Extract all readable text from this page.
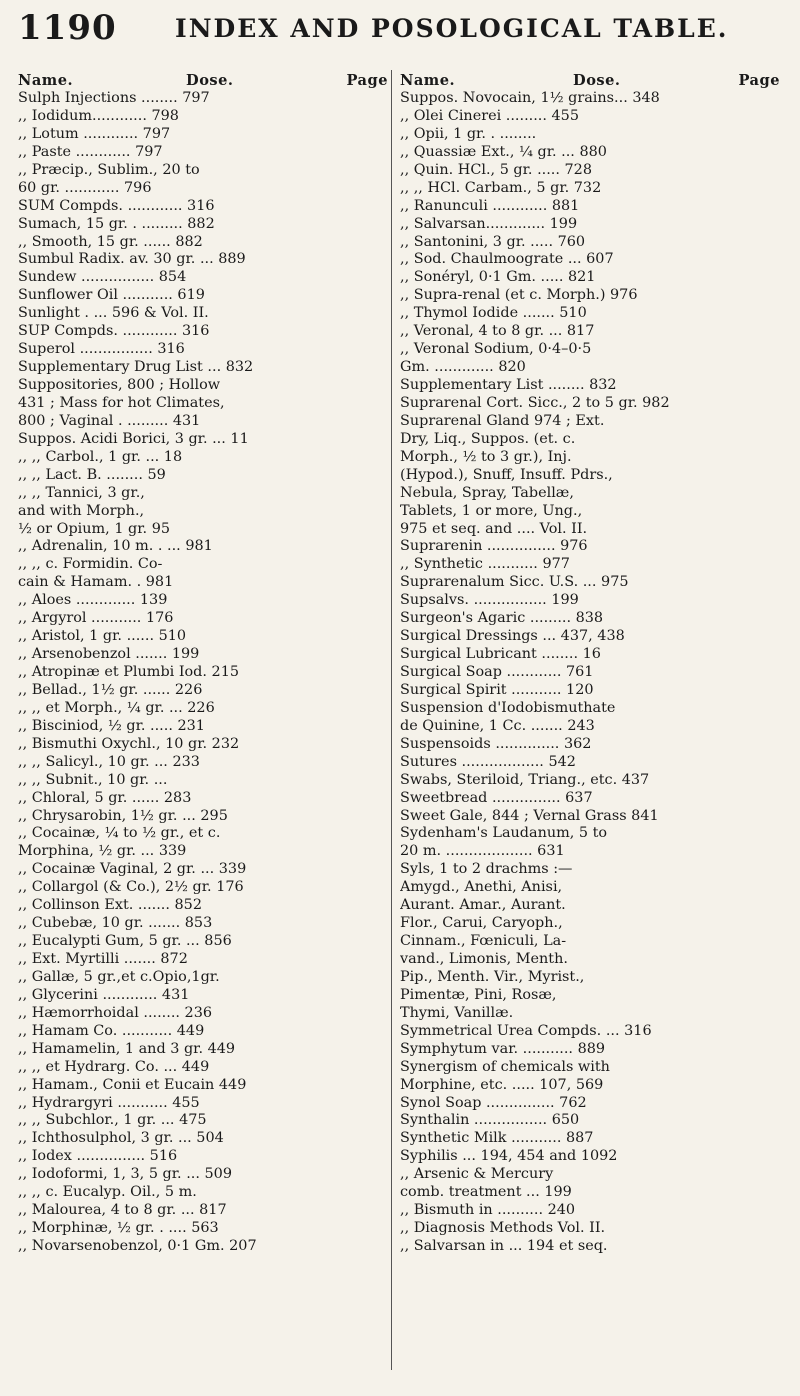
1190 INDEX AND POSOLOGICAL TABLE.
Name.	Dose.	Page
Sulph Injections ........ 797
,, Iodidum............ 798
,, Lotum ............ 797
,, Paste ............ 797
,, Præcip., Sublim., 20 to
60 gr. ............ 796
SUM Compds. ............ 316
Sumach, 15 gr. . ......... 882
,, Smooth, 15 gr. ...... 882
Sumbul Radix. av. 30 gr. ... 889
Sundew ................ 854
Sunflower Oil ........... 619
Sunlight . ... 596 & Vol. II.
SUP Compds. ............ 316
Superol ................ 316
Supplementary Drug List ... 832
Suppositories, 800 ; Hollow
431 ; Mass for hot Climates,
800 ; Vaginal . ......... 431
Suppos. Acidi Borici, 3 gr. ... 11
,, ,, Carbol., 1 gr. ... 18
,, ,, Lact. B. ........ 59
,, ,, Tannici, 3 gr.,
and with Morph.,
½ or Opium, 1 gr. 95
,, Adrenalin, 10 m. . ... 981
,, ,, c. Formidin. Co-
cain & Hamam. . 981
,, Aloes ............. 139
,, Argyrol ........... 176
,, Aristol, 1 gr. ...... 510
,, Arsenobenzol ....... 199
,, Atropinæ et Plumbi Iod. 215
,, Bellad., 1½ gr. ...... 226
,, ,, et Morph., ¼ gr. ... 226
,, Bisciniod, ½ gr. ..... 231
,, Bismuthi Oxychl., 10 gr. 232
,, ,, Salicyl., 10 gr. ... 233
,, ,, Subnit., 10 gr. ...
,, Chloral, 5 gr. ...... 283
,, Chrysarobin, 1½ gr. ... 295
,, Cocainæ, ¼ to ½ gr., et c.
Morphina, ½ gr. ... 339
,, Cocainæ Vaginal, 2 gr. ... 339
,, Collargol (& Co.), 2½ gr. 176
,, Collinson Ext. ....... 852
,, Cubebæ, 10 gr. ....... 853
,, Eucalypti Gum, 5 gr. ... 856
,, Ext. Myrtilli ....... 872
,, Gallæ, 5 gr.,et c.Opio,1gr.
,, Glycerini ............ 431
,, Hæmorrhoidal ........ 236
,, Hamam Co. ........... 449
,, Hamamelin, 1 and 3 gr. 449
,, ,, et Hydrarg. Co. ... 449
,, Hamam., Conii et Eucain 449
,, Hydrargyri ........... 455
,, ,, Subchlor., 1 gr. ... 475
,, Ichthosulphol, 3 gr. ... 504
,, Iodex ............... 516
,, Iodoformi, 1, 3, 5 gr. ... 509
,, ,, c. Eucalyp. Oil., 5 m.
,, Malourea, 4 to 8 gr. ... 817
,, Morphinæ, ½ gr. . .... 563
,, Novarsenobenzol, 0·1 Gm. 207
Name.	Dose.	Page
Suppos. Novocain, 1½ grains... 348
,, Olei Cinerei ......... 455
,, Opii, 1 gr. . ........
,, Quassiæ Ext., ¼ gr. ... 880
,, Quin. HCl., 5 gr. ..... 728
,, ,, HCl. Carbam., 5 gr. 732
,, Ranunculi ............ 881
,, Salvarsan............. 199
,, Santonini, 3 gr. ..... 760
,, Sod. Chaulmoograte ... 607
,, Sonéryl, 0·1 Gm. ..... 821
,, Supra-renal (et c. Morph.) 976
,, Thymol Iodide ....... 510
,, Veronal, 4 to 8 gr. ... 817
,, Veronal Sodium, 0·4–0·5
Gm. ............. 820
Supplementary List ........ 832
Suprarenal Cort. Sicc., 2 to 5 gr. 982
Suprarenal Gland 974 ; Ext.
Dry, Liq., Suppos. (et. c.
Morph., ½ to 3 gr.), Inj.
(Hypod.), Snuff, Insuff. Pdrs.,
Nebula, Spray, Tabellæ,
Tablets, 1 or more, Ung.,
975 et seq. and .... Vol. II.
Suprarenin ............... 976
,, Synthetic ........... 977
Suprarenalum Sicc. U.S. ... 975
Supsalvs. ................ 199
Surgeon's Agaric ......... 838
Surgical Dressings ... 437, 438
Surgical Lubricant ........ 16
Surgical Soap ............ 761
Surgical Spirit ........... 120
Suspension d'Iodobismuthate
de Quinine, 1 Cc. ....... 243
Suspensoids .............. 362
Sutures .................. 542
Swabs, Steriloid, Triang., etc. 437
Sweetbread ............... 637
Sweet Gale, 844 ; Vernal Grass 841
Sydenham's Laudanum, 5 to
20 m. ................... 631
Syls, 1 to 2 drachms :—
Amygd., Anethi, Anisi,
Aurant. Amar., Aurant.
Flor., Carui, Caryoph.,
Cinnam., Fœniculi, La-
vand., Limonis, Menth.
Pip., Menth. Vir., Myrist.,
Pimentæ, Pini, Rosæ,
Thymi, Vanillæ.
Symmetrical Urea Compds. ... 316
Symphytum var. ........... 889
Synergism of chemicals with
Morphine, etc. ..... 107, 569
Synol Soap ............... 762
Synthalin ................ 650
Synthetic Milk ........... 887
Syphilis ... 194, 454 and 1092
,, Arsenic & Mercury
comb. treatment ... 199
,, Bismuth in .......... 240
,, Diagnosis Methods Vol. II.
,, Salvarsan in ... 194 et seq.
